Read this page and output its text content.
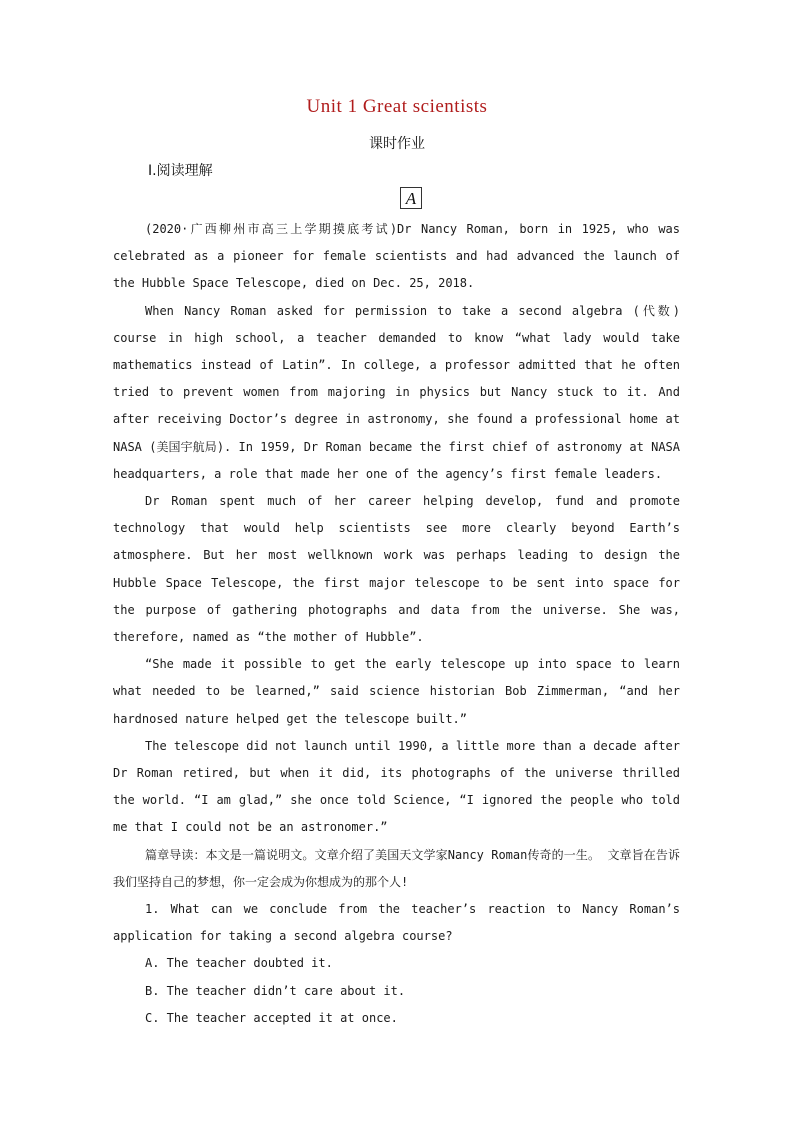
Unit 1 Great scientists
课时作业
Ⅰ.阅读理解
A

(2020·广西柳州市高三上学期摸底考试)Dr Nancy Roman, born in 1925, who was celebrated as a pioneer for female scientists and had advanced the launch of the Hubble Space Telescope, died on Dec. 25, 2018.

When Nancy Roman asked for permission to take a second algebra (代数) course in high school, a teacher demanded to know “what lady would take mathematics instead of Latin”. In college, a professor admitted that he often tried to prevent women from majoring in physics but Nancy stuck to it. And after receiving Doctor’s degree in astronomy, she found a professional home at NASA (美国宇航局). In 1959, Dr Roman became the first chief of astronomy at NASA headquarters, a role that made her one of the agency’s first female leaders.

Dr Roman spent much of her career helping develop, fund and promote technology that would help scientists see more clearly beyond Earth’s atmosphere. But her most wellknown work was perhaps leading to design the Hubble Space Telescope, the first major telescope to be sent into space for the purpose of gathering photographs and data from the universe. She was, therefore, named as “the mother of Hubble”.

“She made it possible to get the early telescope up into space to learn what needed to be learned,” said science historian Bob Zimmerman, “and her hardnosed nature helped get the telescope built.”

The telescope did not launch until 1990, a little more than a decade after Dr Roman retired, but when it did, its photographs of the universe thrilled the world. “I am glad,” she once told Science, “I ignored the people who told me that I could not be an astronomer.”

篇章导读：本文是一篇说明文。文章介绍了美国天文学家Nancy Roman传奇的一生。 文章旨在告诉我们坚持自己的梦想，你一定会成为你想成为的那个人!

1. What can we conclude from the teacher’s reaction to Nancy Roman’s application for taking a second algebra course?

A. The teacher doubted it.

B. The teacher didn’t care about it.

C. The teacher accepted it at once.
